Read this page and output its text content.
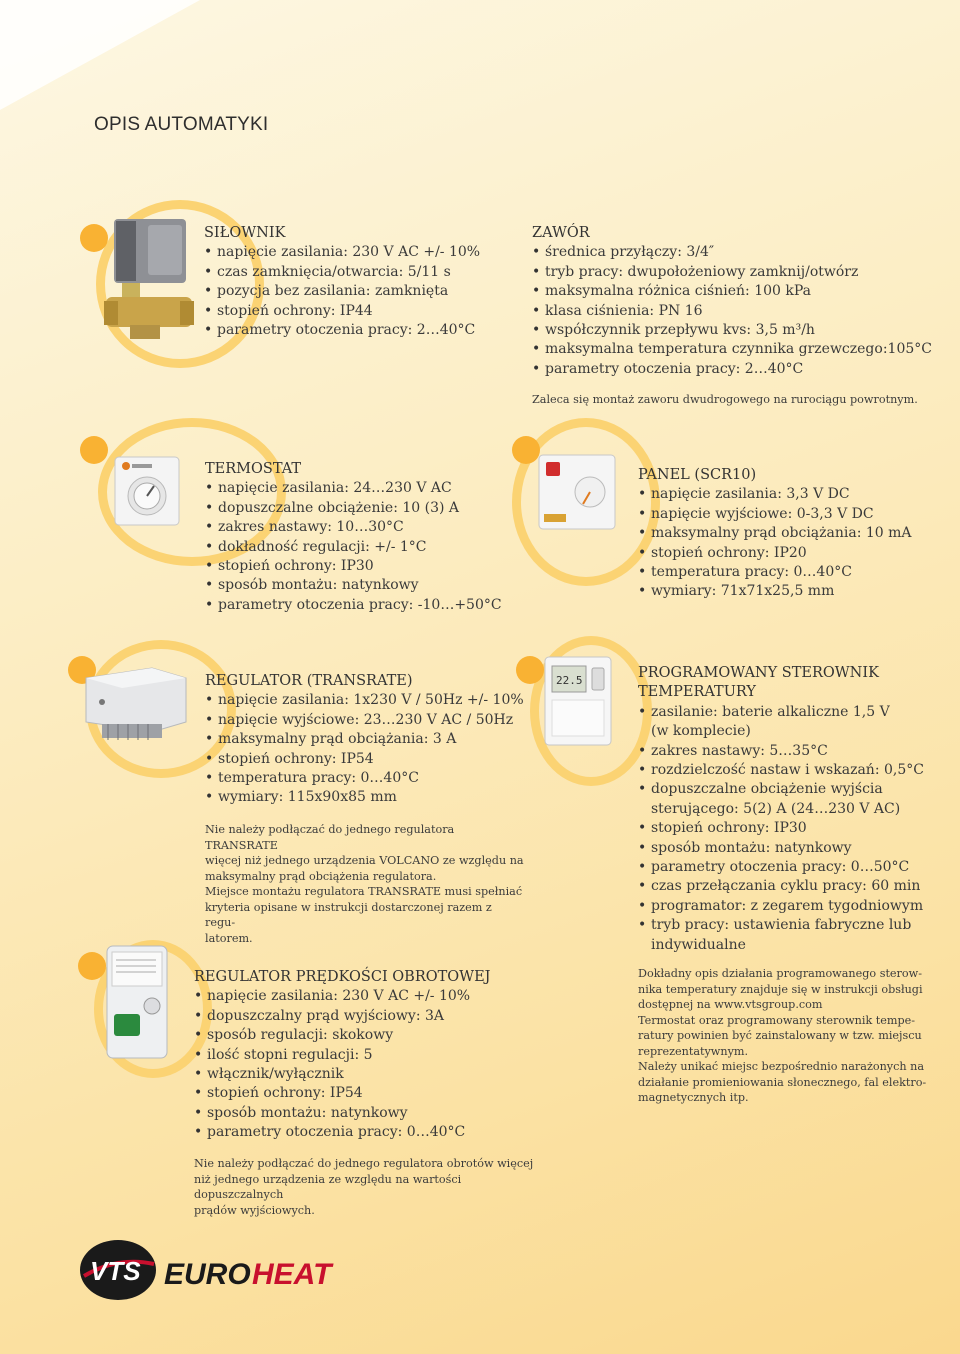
OPIS AUTOMATYKI

SIŁOWNIK

• napięcie zasilania: 230 V AC +/- 10%
• czas zamknięcia/otwarcia: 5/11 s
• pozycja bez zasilania: zamknięta
• stopień ochrony: IP44
• parametry otoczenia pracy: 2…40°C

ZAWÓR

• średnica przyłączy: 3/4″
• tryb pracy: dwupołożeniowy zamknij/otwórz
• maksymalna różnica ciśnień: 100 kPa
• klasa ciśnienia: PN 16
• współczynnik przepływu kvs: 3,5 m³/h
• maksymalna temperatura czynnika grzewczego:105°C
• parametry otoczenia pracy: 2…40°C
Zaleca się montaż zaworu dwudrogowego na rurociągu powrotnym.

TERMOSTAT

• napięcie zasilania: 24…230 V AC
• dopuszczalne obciążenie: 10 (3) A
• zakres nastawy: 10…30°C
• dokładność regulacji: +/- 1°C
• stopień ochrony: IP30
• sposób montażu: natynkowy
• parametry otoczenia pracy: -10…+50°C

PANEL (SCR10)

• napięcie zasilania: 3,3 V DC
• napięcie wyjściowe: 0-3,3 V DC
• maksymalny prąd obciążania: 10 mA
• stopień ochrony: IP20
• temperatura pracy: 0…40°C
• wymiary: 71x71x25,5 mm

REGULATOR (TRANSRATE)

• napięcie zasilania: 1x230 V / 50Hz +/- 10%
• napięcie wyjściowe: 23…230 V AC / 50Hz
• maksymalny prąd obciążania: 3 A
• stopień ochrony: IP54
• temperatura pracy: 0…40°C
• wymiary: 115x90x85 mm

Nie należy podłączać do jednego regulatora TRANSRATE

więcej niż jednego urządzenia VOLCANO ze względu na

maksymalny prąd obciążenia regulatora.

Miejsce montażu regulatora TRANSRATE musi spełniać

kryteria opisane w instrukcji dostarczonej razem z regu-

latorem.

22.5	PROGRAMOWANY STEROWNIK

TEMPERATURY

• zasilanie: baterie alkaliczne 1,5 V
(w komplecie)
• zakres nastawy: 5…35°C
• rozdzielczość nastaw i wskazań: 0,5°C
• dopuszczalne obciążenie wyjścia
sterującego: 5(2) A (24…230 V AC)
• stopień ochrony: IP30
• sposób montażu: natynkowy
• parametry otoczenia pracy: 0…50°C
• czas przełączania cyklu pracy: 60 min
• programator: z zegarem tygodniowym
• tryb pracy: ustawienia fabryczne lub
indywidualne

Dokładny opis działania programowanego sterow-

nika temperatury znajduje się w instrukcji obsługi

dostępnej na www.vtsgroup.com

Termostat oraz programowany sterownik tempe-

ratury powinien być zainstalowany w tzw. miejscu

reprezentatywnym.

Należy unikać miejsc bezpośrednio narażonych na

działanie promieniowania słonecznego, fal elektro-

magnetycznych itp.

REGULATOR PRĘDKOŚCI OBROTOWEJ

• napięcie zasilania: 230 V AC +/- 10%
• dopuszczalny prąd wyjściowy: 3A
• sposób regulacji: skokowy
• ilość stopni regulacji: 5
• włącznik/wyłącznik
• stopień ochrony: IP54
• sposób montażu: natynkowy
• parametry otoczenia pracy: 0…40°C

Nie należy podłączać do jednego regulatora obrotów więcej

niż jednego urządzenia ze względu na wartości dopuszczalnych

prądów wyjściowych.

VTS EURO HEAT
